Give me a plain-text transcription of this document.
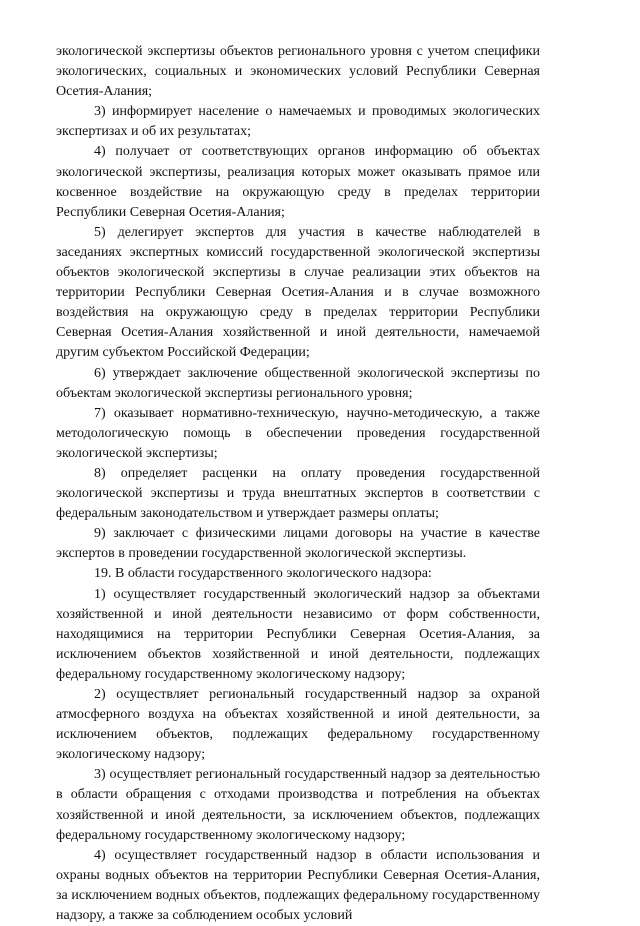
экологической экспертизы объектов регионального уровня с учетом специфики экологических, социальных и экономических условий Республики Северная Осетия-Алания;

3) информирует население о намечаемых и проводимых экологических экспертизах и об их результатах;

4) получает от соответствующих органов информацию об объектах экологической экспертизы, реализация которых может оказывать прямое или косвенное воздействие на окружающую среду в пределах территории Республики Северная Осетия-Алания;

5) делегирует экспертов для участия в качестве наблюдателей в заседаниях экспертных комиссий государственной экологической экспертизы объектов экологической экспертизы в случае реализации этих объектов на территории Республики Северная Осетия-Алания и в случае возможного воздействия на окружающую среду в пределах территории Республики Северная Осетия-Алания хозяйственной и иной деятельности, намечаемой другим субъектом Российской Федерации;

6) утверждает заключение общественной экологической экспертизы по объектам экологической экспертизы регионального уровня;

7) оказывает нормативно-техническую, научно-методическую, а также методологическую помощь в обеспечении проведения государственной экологической экспертизы;

8) определяет расценки на оплату проведения государственной экологической экспертизы и труда внештатных экспертов в соответствии с федеральным законодательством и утверждает размеры оплаты;

9) заключает с физическими лицами договоры на участие в качестве экспертов в проведении государственной экологической экспертизы.

19. В области государственного экологического надзора:

1) осуществляет государственный экологический надзор за объектами хозяйственной и иной деятельности независимо от форм собственности, находящимися на территории Республики Северная Осетия-Алания, за исключением объектов хозяйственной и иной деятельности, подлежащих федеральному государственному экологическому надзору;

2) осуществляет региональный государственный надзор за охраной атмосферного воздуха на объектах хозяйственной и иной деятельности, за исключением объектов, подлежащих федеральному государственному экологическому надзору;

3) осуществляет региональный государственный надзор за деятельностью в области обращения с отходами производства и потребления на объектах хозяйственной и иной деятельности, за исключением объектов, подлежащих федеральному государственному экологическому надзору;

4) осуществляет государственный надзор в области использования и охраны водных объектов на территории Республики Северная Осетия-Алания, за исключением водных объектов, подлежащих федеральному государственному надзору, а также за соблюдением особых условий
